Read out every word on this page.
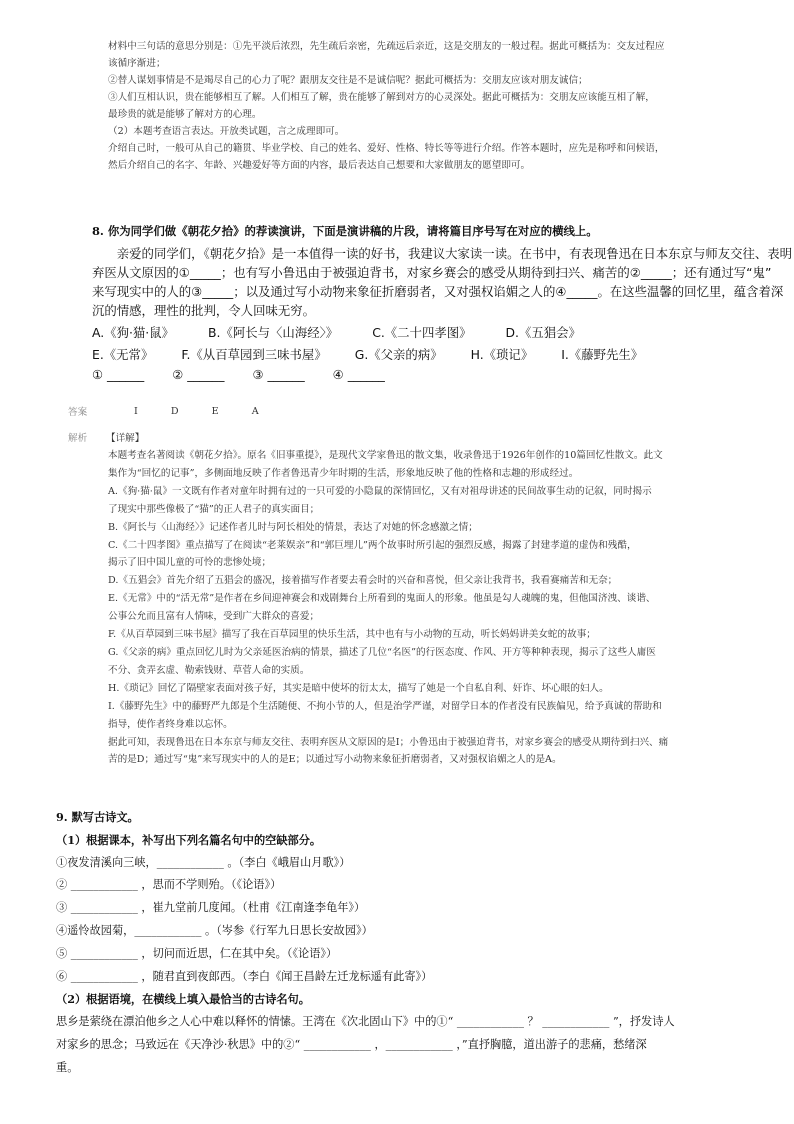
材料中三句话的意思分别是：①先平淡后浓烈，先生疏后亲密，先疏远后亲近，这是交朋友的一般过程。据此可概括为：交友过程应

该循序渐进；

②替人谋划事情是不是竭尽自己的心力了呢？跟朋友交往是不是诚信呢？据此可概括为：交朋友应该对朋友诚信；

③人们互相认识，贵在能够相互了解。人们相互了解，贵在能够了解到对方的心灵深处。据此可概括为：交朋友应该能互相了解，

最珍贵的就是能够了解对方的心理。

（2）本题考查语言表达。开放类试题，言之成理即可。

介绍自己时，一般可从自己的籍贯、毕业学校、自己的姓名、爱好、性格、特长等等进行介绍。作答本题时，应先是称呼和问候语，

然后介绍自己的名字、年龄、兴趣爱好等方面的内容，最后表达自己想要和大家做朋友的愿望即可。

8. 你为同学们做《朝花夕拾》的荐读演讲，下面是演讲稿的片段，请将篇目序号写在对应的横线上。

　　亲爱的同学们，《朝花夕拾》是一本值得一读的好书，我建议大家读一读。在书中，有表现鲁迅在日本东京与师友交往、表明

弃医从文原因的①_____；也有写小鲁迅由于被强迫背书，对家乡赛会的感受从期待到扫兴、痛苦的②_____；还有通过写“鬼”

来写现实中的人的③_____；以及通过写小动物来象征折磨弱者，又对强权谄媚之人的④_____。在这些温馨的回忆里，蕴含着深

沉的情感，理性的批判，令人回味无穷。

A.《狗·猫·鼠》	B.《阿长与〈山海经〉》	C.《二十四孝图》	D.《五猖会》
E.《无常》 F.《从百草园到三味书屋》 G.《父亲的病》 H.《琐记》 I.《藤野先生》
① ______ ② ______ ③ ______ ④ ______
答案	I	D	E	A
解析	【详解】

本题考查名著阅读《朝花夕拾》。原名《旧事重提》，是现代文学家鲁迅的散文集，收录鲁迅于1926年创作的10篇回忆性散文。此文

集作为“回忆的记事”，多侧面地反映了作者鲁迅青少年时期的生活，形象地反映了他的性格和志趣的形成经过。

A.《狗·猫·鼠》一文既有作者对童年时拥有过的一只可爱的小隐鼠的深情回忆，又有对祖母讲述的民间故事生动的记叙，同时揭示

了现实中那些像极了“猫”的正人君子的真实面目；

B.《阿长与〈山海经〉》记述作者儿时与阿长相处的情景，表达了对她的怀念感激之情；

C.《二十四孝图》重点描写了在阅读“老莱娱亲”和“郭巨埋儿”两个故事时所引起的强烈反感，揭露了封建孝道的虚伪和残酷，

揭示了旧中国儿童的可怜的悲惨处境；

D.《五猖会》首先介绍了五猖会的盛况，接着描写作者要去看会时的兴奋和喜悦，但父亲让我背书，我看赛痛苦和无奈；

E.《无常》中的“活无常”是作者在乡间迎神赛会和戏剧舞台上所看到的鬼面人的形象。他虽是勾人魂魄的鬼，但他国济洩、谈谐、

公事公允而且富有人情味，受到广大群众的喜爱；

F.《从百草园到三味书屋》描写了我在百草园里的快乐生活，其中也有与小动物的互动，听长妈妈讲美女蛇的故事；

G.《父亲的病》重点回忆儿时为父亲延医治病的情景，描述了几位“名医”的行医态度、作风、开方等种种表现，揭示了这些人庸医

不分、贪弄玄虚、勒索钱财、草菅人命的实质。

H.《琐记》回忆了隔壁家表面对孩子好，其实是暗中使坏的衍太太，描写了她是一个自私自利、奸诈、坏心眼的妇人。

I.《藤野先生》中的藤野严九郎是个生活随便、不拘小节的人，但是治学严谨，对留学日本的作者没有民族偏见，给予真诚的帮助和

指导，使作者终身难以忘怀。

据此可知，表现鲁迅在日本东京与师友交往、表明弃医从文原因的是I；小鲁迅由于被强迫背书，对家乡赛会的感受从期待到扫兴、痛

苦的是D；通过写“鬼”来写现实中的人的是E；以通过写小动物来象征折磨弱者，又对强权谄媚之人的是A。

9. 默写古诗文。

（1）根据课本，补写出下列名篇名句中的空缺部分。

①夜发清溪向三峡，____________ 。（李白《峨眉山月歌》）

② ____________ ，思而不学则殆。（《论语》）

③ ____________ ，崔九堂前几度闻。（杜甫《江南逢李龟年》）

④遥怜故园菊，____________ 。（岑参《行军九日思长安故园》）

⑤ ____________ ，切问而近思，仁在其中矣。（《论语》）

⑥ ____________ ，随君直到夜郎西。（李白《闻王昌龄左迁龙标遥有此寄》）

（2）根据语境，在横线上填入最恰当的古诗名句。

思乡是萦绕在漂泊他乡之人心中难以释怀的情愫。王湾在《次北固山下》中的①“ ____________ ？ ____________ ”，抒发诗人

对家乡的思念；马致远在《天净沙·秋思》中的②“ ____________ ，____________ ，”直抒胸臆，道出游子的悲痛，愁绪深

重。
